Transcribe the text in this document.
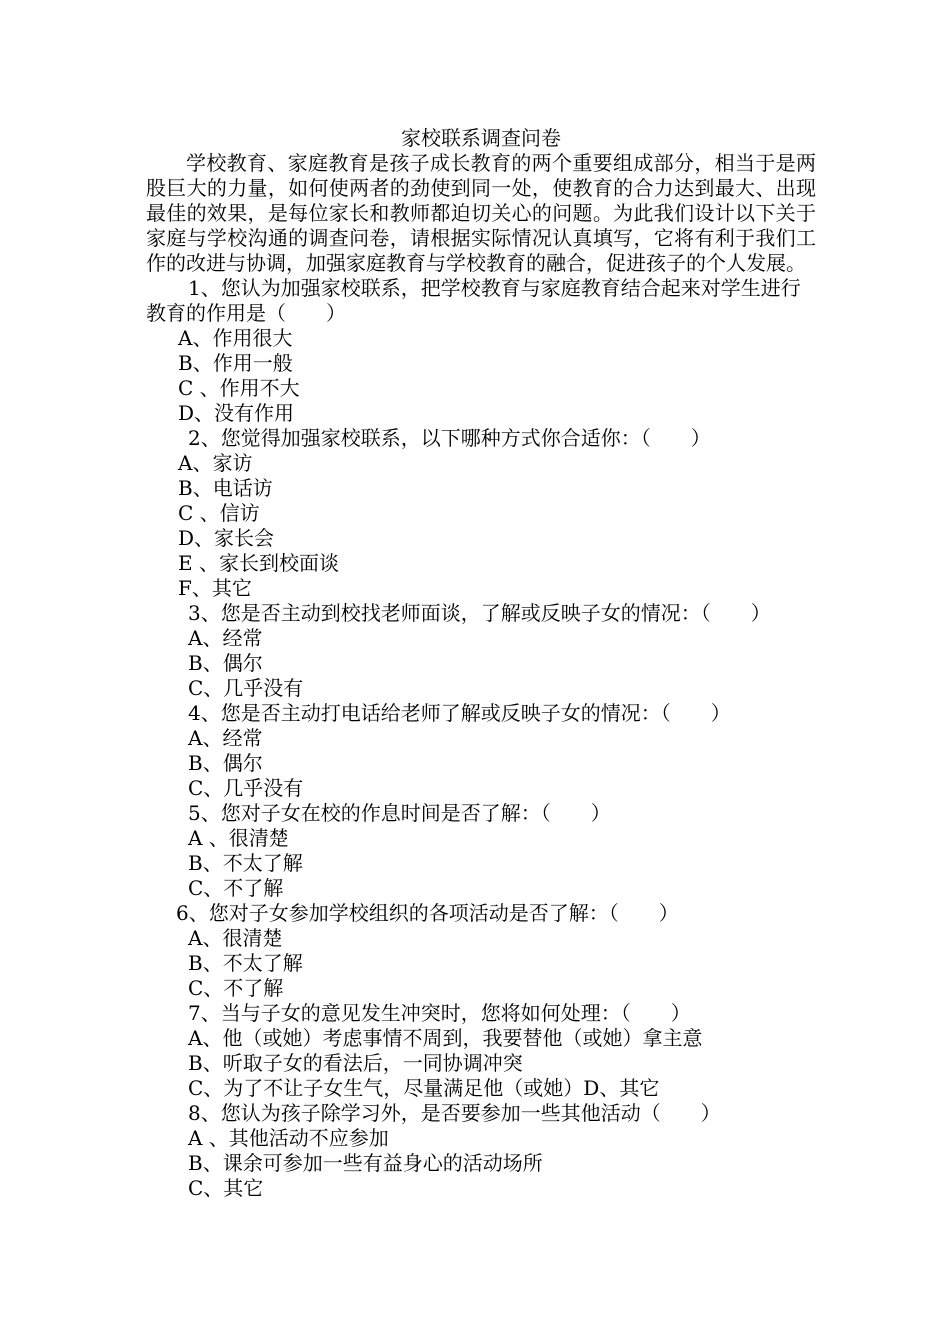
家校联系调查问卷

学校教育、家庭教育是孩子成长教育的两个重要组成部分，相当于是两股巨大的力量，如何使两者的劲使到同一处，使教育的合力达到最大、出现最佳的效果，是每位家长和教师都迫切关心的问题。为此我们设计以下关于家庭与学校沟通的调查问卷，请根据实际情况认真填写，它将有利于我们工作的改进与协调，加强家庭教育与学校教育的融合，促进孩子的个人发展。

1、您认为加强家校联系，把学校教育与家庭教育结合起来对学生进行教育的作用是（　　）

A、作用很大

B、作用一般

C 、作用不大

D、没有作用

2、您觉得加强家校联系，以下哪种方式你合适你：（　　）

A、家访

B、电话访

C 、信访

D、家长会

E 、家长到校面谈

F、其它

3、您是否主动到校找老师面谈，了解或反映子女的情况：（　　）

A、经常

B、偶尔

C、几乎没有

4、您是否主动打电话给老师了解或反映子女的情况：（　　）

A、经常

B、偶尔

C、几乎没有

5、您对子女在校的作息时间是否了解：（　　）

A 、很清楚

B、不太了解

C、不了解

6、您对子女参加学校组织的各项活动是否了解：（　　）

A、很清楚

B、不太了解

C、不了解

7、当与子女的意见发生冲突时，您将如何处理：（　　）

A、他（或她）考虑事情不周到，我要替他（或她）拿主意

B、听取子女的看法后，一同协调冲突

C、为了不让子女生气，尽量满足他（或她）D、其它

8、您认为孩子除学习外，是否要参加一些其他活动（　　）

A 、其他活动不应参加

B、课余可参加一些有益身心的活动场所

C、其它
